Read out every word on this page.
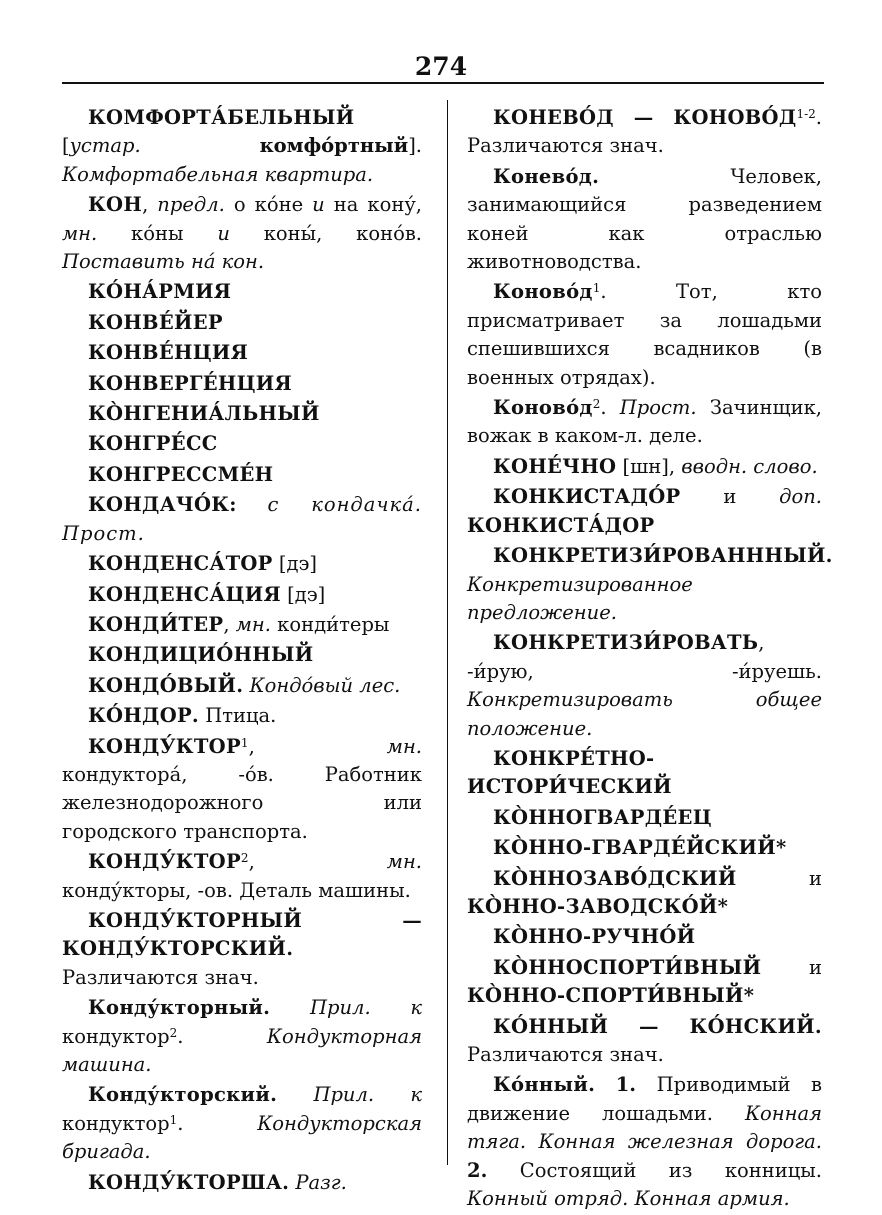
274

КОМФОРТА́БЕЛЬНЫЙ [устар.	комфо́ртный]. Комфортабельная квартира.

КОН, предл. о ко́не и на кону́, мн. ко́ны и коны́, коно́в. Поставить на́ кон.

КО́НА́РМИЯ

КОНВЕ́ЙЕР

КОНВЕ́НЦИЯ

КОНВЕРГЕ́НЦИЯ

КО̀НГЕНИА́ЛЬНЫЙ

КОНГРЕ́СС

КОНГРЕССМЕ́Н

КОНДАЧО́К: с кондачка́. Прост.

КОНДЕНСА́ТОР [дэ]

КОНДЕНСА́ЦИЯ [дэ]

КОНДИ́ТЕР, мн. конди́теры

КОНДИЦИО́ННЫЙ

КОНДО́ВЫЙ. Кондо́вый лес.

КО́НДОР. Птица.

КОНДУ́КТОР$^1$, мн. кондуктора́, -о́в. Работник железнодорожного или городского транспорта.

КОНДУ́КТОР$^2$, мн. конду́кторы, -ов. Деталь машины.

КОНДУ́КТОРНЫЙ — КОНДУ́КТОРСКИЙ. Различаются знач.

Конду́кторный. Прил. к кондуктор$^2$. Кондукторная машина.

Конду́кторский. Прил. к кондуктор$^1$. Кондукторская бригада.

КОНДУ́КТОРША. Разг.

КОНЕВО́Д — $КОНОВО́Д^{1-2}$. Различаются знач.

Конево́д. Человек, занимающийся разведением коней как отраслью животноводства.

$Коново́д^1$. Тот, кто присматривает за лошадьми спешившихся всадников (в военных отрядах).

$Коново́д^2$. Прост. Зачинщик, вожак в каком-л. деле.

КОНЕ́ЧНО [шн], вводн. слово.

КОНКИСТАДО́Р и доп. КОНКИСТА́ДОР

КОНКРЕТИЗИ́РОВАНННЫЙ. Конкретизированное предложение.

КОНКРЕТИЗИ́РОВАТЬ, -и́рую, -и́руешь. Конкретизировать общее положение.

КОНКРЕ́ТНО-ИСТОРИ́ЧЕСКИЙ

КО̀ННОГВАРДЕ́ЕЦ

КО̀ННО-ГВАРДЕ́ЙСКИЙ*

КО̀ННОЗАВО́ДСКИЙ и КО̀ННО-ЗАВОДСКО́Й*

КО̀ННО-РУЧНО́Й

КО̀ННОСПОРТИ́ВНЫЙ и КО̀ННО-СПОРТИ́ВНЫЙ*

КО́ННЫЙ — КО́НСКИЙ. Различаются знач.

Ко́нный. 1. Приводимый в движение лошадьми. Конная тяга. Конная железная дорога. 2. Состоящий из конницы. Конный отряд. Конная армия.
